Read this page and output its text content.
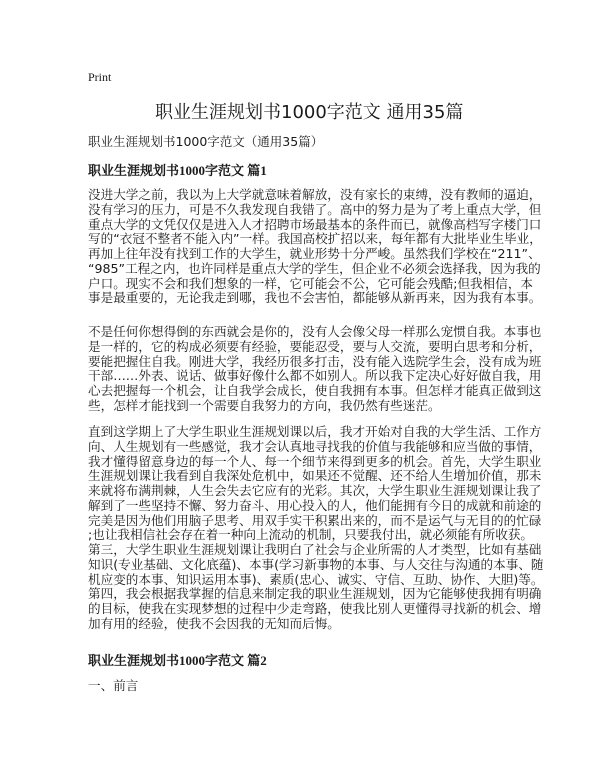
Print
职业生涯规划书1000字范文 通用35篇
职业生涯规划书1000字范文（通用35篇）
职业生涯规划书1000字范文 篇1
没进大学之前，我以为上大学就意味着解放，没有家长的束缚，没有教师的逼迫，
没有学习的压力，可是不久我发现自我错了。高中的努力是为了考上重点大学，但
重点大学的文凭仅仅是进入人才招聘市场最基本的条件而已，就像高档写字楼门口
写的“衣冠不整者不能入内”一样。我国高校扩招以来，每年都有大批毕业生毕业，
再加上往年没有找到工作的大学生，就业形势十分严峻。虽然我们学校在“211”、
“985”工程之内，也许同样是重点大学的学生，但企业不必须会选择我，因为我的
户口。现实不会和我们想象的一样，它可能会不公，它可能会残酷;但我相信，本
事是最重要的，无论我走到哪，我也不会害怕，都能够从新再来，因为我有本事。
不是任何你想得倒的东西就会是你的，没有人会像父母一样那么宠惯自我。本事也
是一样的，它的构成必须要有经验，要能忍受，要与人交流，要明白思考和分析，
要能把握住自我。刚进大学，我经历很多打击，没有能入选院学生会，没有成为班
干部……外表、说话、做事好像什么都不如别人。所以我下定决心好好做自我，用
心去把握每一个机会，让自我学会成长，使自我拥有本事。但怎样才能真正做到这
些，怎样才能找到一个需要自我努力的方向，我仍然有些迷茫。
直到这学期上了大学生职业生涯规划课以后，我才开始对自我的大学生活、工作方
向、人生规划有一些感觉，我才会认真地寻找我的价值与我能够和应当做的事情，
我才懂得留意身边的每一个人、每一个细节来得到更多的机会。首先，大学生职业
生涯规划课让我看到自我深处危机中，如果还不觉醒、还不给人生增加价值，那未
来就将布满荆棘，人生会失去它应有的光彩。其次，大学生职业生涯规划课让我了
解到了一些坚持不懈、努力奋斗、用心投入的人，他们能拥有今日的成就和前途的
完美是因为他们用脑子思考、用双手实干积累出来的，而不是运气与无目的的忙碌
;也让我相信社会存在着一种向上流动的机制，只要我付出，就必须能有所收获。
第三，大学生职业生涯规划课让我明白了社会与企业所需的人才类型，比如有基础
知识(专业基础、文化底蕴)、本事(学习新事物的本事、与人交往与沟通的本事、随
机应变的本事、知识运用本事)、素质(忠心、诚实、守信、互助、协作、大胆)等。
第四，我会根据我掌握的信息来制定我的职业生涯规划，因为它能够使我拥有明确
的目标，使我在实现梦想的过程中少走弯路，使我比别人更懂得寻找新的机会、增
加有用的经验，使我不会因我的无知而后悔。
职业生涯规划书1000字范文 篇2
一、前言
